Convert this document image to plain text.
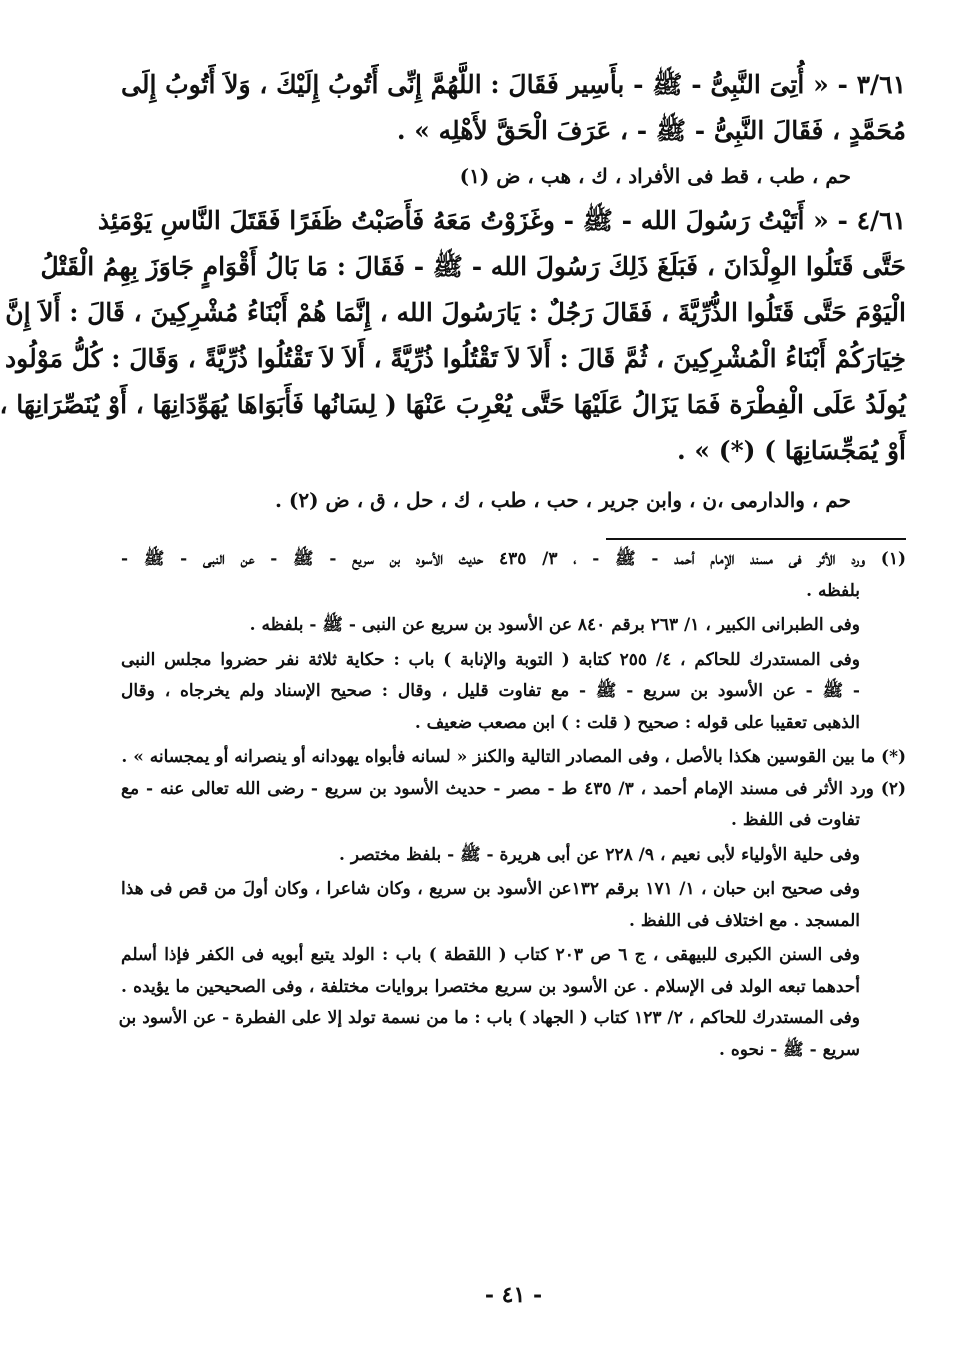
٣/٦١ - « أُتِىَ النَّبِىُّ - ﷺ - بأَسِير فَقَالَ : اللَّهُمَّ إِنِّى أَتُوبُ إِلَيْكَ ، وَلاَ أَتُوبُ إِلَى
مُحَمَّدٍ ، فَقَالَ النَّبِىُّ - ﷺ - ، عَرَفَ الْحَقَّ لأَهْلِه » .
حم ، طب ، قط فى الأفراد ، ك ، هب ، ض (١)
٤/٦١ - « أَتَيْتُ رَسُولَ الله - ﷺ - وغَزَوْتُ مَعَهُ فَأَصَبْتُ ظَفَرًا فَقَتَلَ النَّاسِ يَوْمَئِذ
حَتَّى قَتَلُوا الوِلْدَانَ ، فَبَلَغَ ذَلِكَ رَسُولَ الله - ﷺ - فَقَالَ : مَا بَالُ أَقْوَامٍ جَاوَزَ بِهِمُ الْقَتْلُ
الْيَوْمَ حَتَّى قَتَلُوا الذُّرِّيَّةَ ، فَقَالَ رَجُلٌ : يَارَسُولَ الله ، إِنَّمَا هُمْ أَبْنَاءُ مُشْرِكِينَ ، قَالَ : أَلاَ إِنَّ
خِيَارَكُمْ أَبْنَاءُ الْمُشْرِكِينَ ، ثُمَّ قَالَ : أَلاَ لاَ تَقْتُلُوا ذُرِّيَّةً ، أَلاَ لاَ تَقْتُلُوا ذُرِّيَّةً ، وَقَالَ : كُلُّ مَوْلُود
يُولَدُ عَلَى الْفِطْرَة فَمَا يَزَالُ عَلَيْهَا حَتَّى يُعْرِبَ عَنْهَا ( لِسَانُها فَأَبَوَاهَا يُهَوِّدَانِهَا ، أَوْ يُنَصِّرَانِهَا ،
أَوْ يُمَجِّسَانِهَا ) (*) » .
حم ، والدارمى ،ن ، وابن جرير ، حب ، طب ، ك ، حل ، ق ، ض (٢) .
(١) ورد الأثر فى مسند الإمام أحمد - ﷺ - ، ٣/ ٤٣٥ حديث الأسود بن سريع - ﷺ - عن النبى - ﷺ -
بلفظه .
وفى الطبرانى الكبير ، ١/ ٢٦٣ برقم ٨٤٠ عن الأسود بن سريع عن النبى - ﷺ - بلفظه .
وفى المستدرك للحاكم ، ٤/ ٢٥٥ كتابة ( التوبة والإنابة ) باب : حكاية ثلاثة نفر حضروا مجلس النبى
- ﷺ - عن الأسود بن سريع - ﷺ - مع تفاوت قليل ، وقال : صحيح الإسناد ولم يخرجاه ، وقال
الذهبى تعقيبا على قوله : صحيح ( قلت : ) ابن مصعب ضعيف .
(*) ما بين القوسين هكذا بالأصل ، وفى المصادر التالية والكنز « لسانه فأبواه يهودانه أو ينصرانه أو يمجسانه » .
(٢) ورد الأثر فى مسند الإمام أحمد ، ٣/ ٤٣٥ ط - مصر - حديث الأسود بن سريع - رضى الله تعالى عنه - مع
تفاوت فى اللفظ .
وفى حلية الأولياء لأبى نعيم ، ٩/ ٢٢٨ عن أبى هريرة - ﷺ - بلفظ مختصر .
وفى صحيح ابن حبان ، ١/ ١٧١ برقم ١٣٢عن الأسود بن سريع ، وكان شاعرا ، وكان أولَ من قص فى هذا
المسجد . مع اختلاف فى اللفظ .
وفى السنن الكبرى للبيهقى ، ج ٦ ص ٢٠٣ كتاب ( اللقطة ) باب : الولد يتبع أبويه فى الكفر فإذا أسلم
أحدهما تبعه الولد فى الإسلام . عن الأسود بن سريع مختصرا بروايات مختلفة ، وفى الصحيحين ما يؤيده .
وفى المستدرك للحاكم ، ٢/ ١٢٣ كتاب ( الجهاد ) باب : ما من نسمة تولد إلا على الفطرة - عن الأسود بن
سريع - ﷺ - نحوه .
- ٤١ -
